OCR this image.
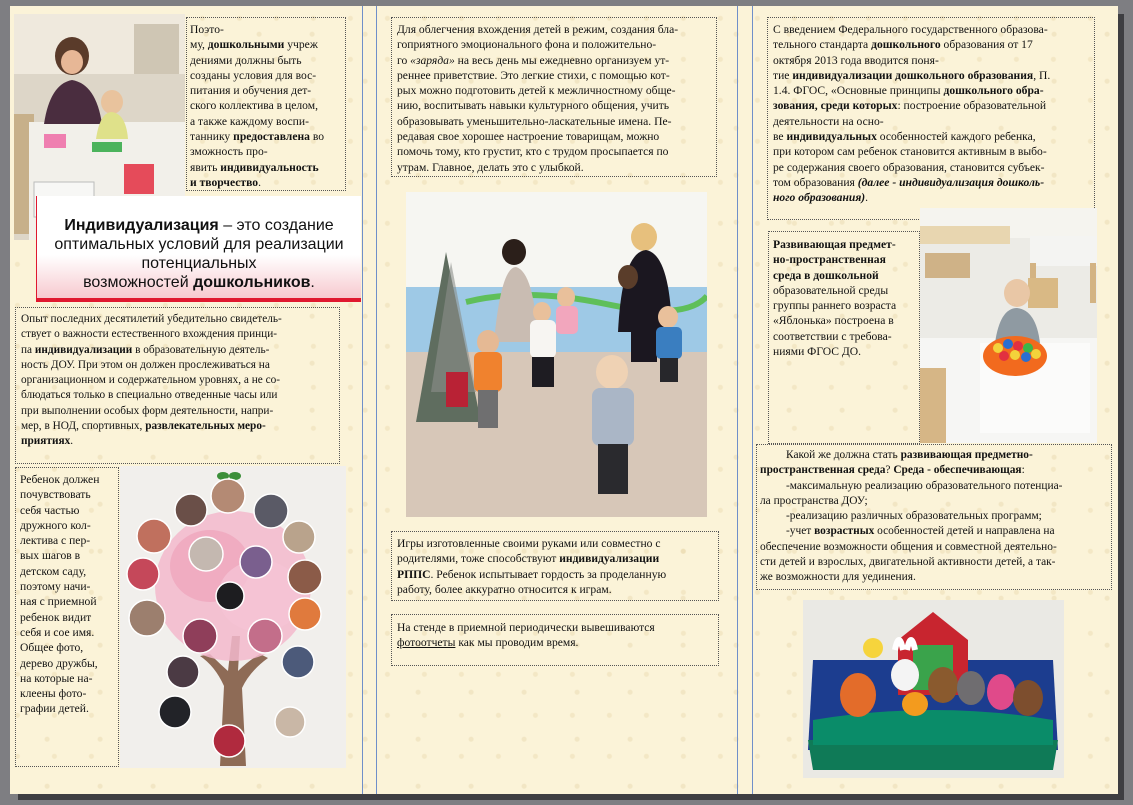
Поэто-

му, дошкольными учреж

дениями должны быть

созданы условия для вос-

питания и обучения дет-

ского коллектива в целом,

а также каждому воспи-

таннику предоставлена во

зможность про-

явить индивидуальность

и творчество.

Индивидуализация – это создание
оптимальных условий для реализации
потенциальных
возможностей дошкольников.

Опыт последних десятилетий убедительно свидетель-

ствует о важности естественного вхождения принци-

па индивидуализации в образовательную деятель-

ность ДОУ. При этом он должен прослеживаться на

организационном и содержательном уровнях, а не со-

блюдаться только в специально отведенные часы или

при выполнении особых форм деятельности, напри-

мер, в НОД, спортивных, развлекательных меро-

приятиях.

Ребенок должен

почувствовать

себя частью

дружного кол-

лектива с пер-

вых шагов в

детском саду,

поэтому начи-

ная с приемной

ребенок видит

себя и сое имя.

Общее фото,

дерево дружбы,

на которые на-

клеены фото-

графии детей.

Для облегчения вхождения детей в режим, создания бла-

гоприятного эмоционального фона и положительно-

го «заряда» на весь день мы ежедневно организуем ут-

реннее приветствие. Это легкие стихи, с помощью кот-

рых можно подготовить детей к межличностному обще-

нию, воспитывать навыки культурного общения, учить

образовывать уменьшительно-ласкательные имена. Пе-

редавая свое хорошее настроение товарищам, можно

помочь тому, кто грустит, кто с трудом просыпается по

утрам. Главное, делать это с улыбкой.

Игры изготовленные своими руками или совместно с

родителями, тоже способствуют индивидуализации

РППС. Ребенок испытывает гордость за проделанную

работу, более аккуратно относится к играм.

На стенде в приемной периодически вывешиваются

фотоотчеты как мы проводим время.

С введением Федерального государственного образова-

тельного стандарта дошкольного образования от 17

октября 2013 года вводится поня-

тие индивидуализации дошкольного образования, П.

1.4. ФГОС, «Основные принципы дошкольного обра-

зования, среди которых: построение образовательной

деятельности на осно-

ве индивидуальных особенностей каждого ребенка,

при котором сам ребенок становится активным в выбо-

ре содержания своего образования, становится субъек-

том образования (далее - индивидуализация дошколь-

ного образования).

Развивающая предмет-

но-пространственная

среда в дошкольной

образовательной среды

группы раннего возраста

«Яблонька» построена в

соответствии с требова-

ниями ФГОС ДО.

Какой же должна стать развивающая предметно-

пространственная среда? Среда - обеспечивающая:

-максимальную реализацию образовательного потенциа-

ла пространства ДОУ;

-реализацию различных образовательных программ;

-учет возрастных особенностей детей и направлена на

обеспечение возможности общения и совместной деятельно-

сти детей и взрослых, двигательной активности детей, а так-

же возможности для уединения.
